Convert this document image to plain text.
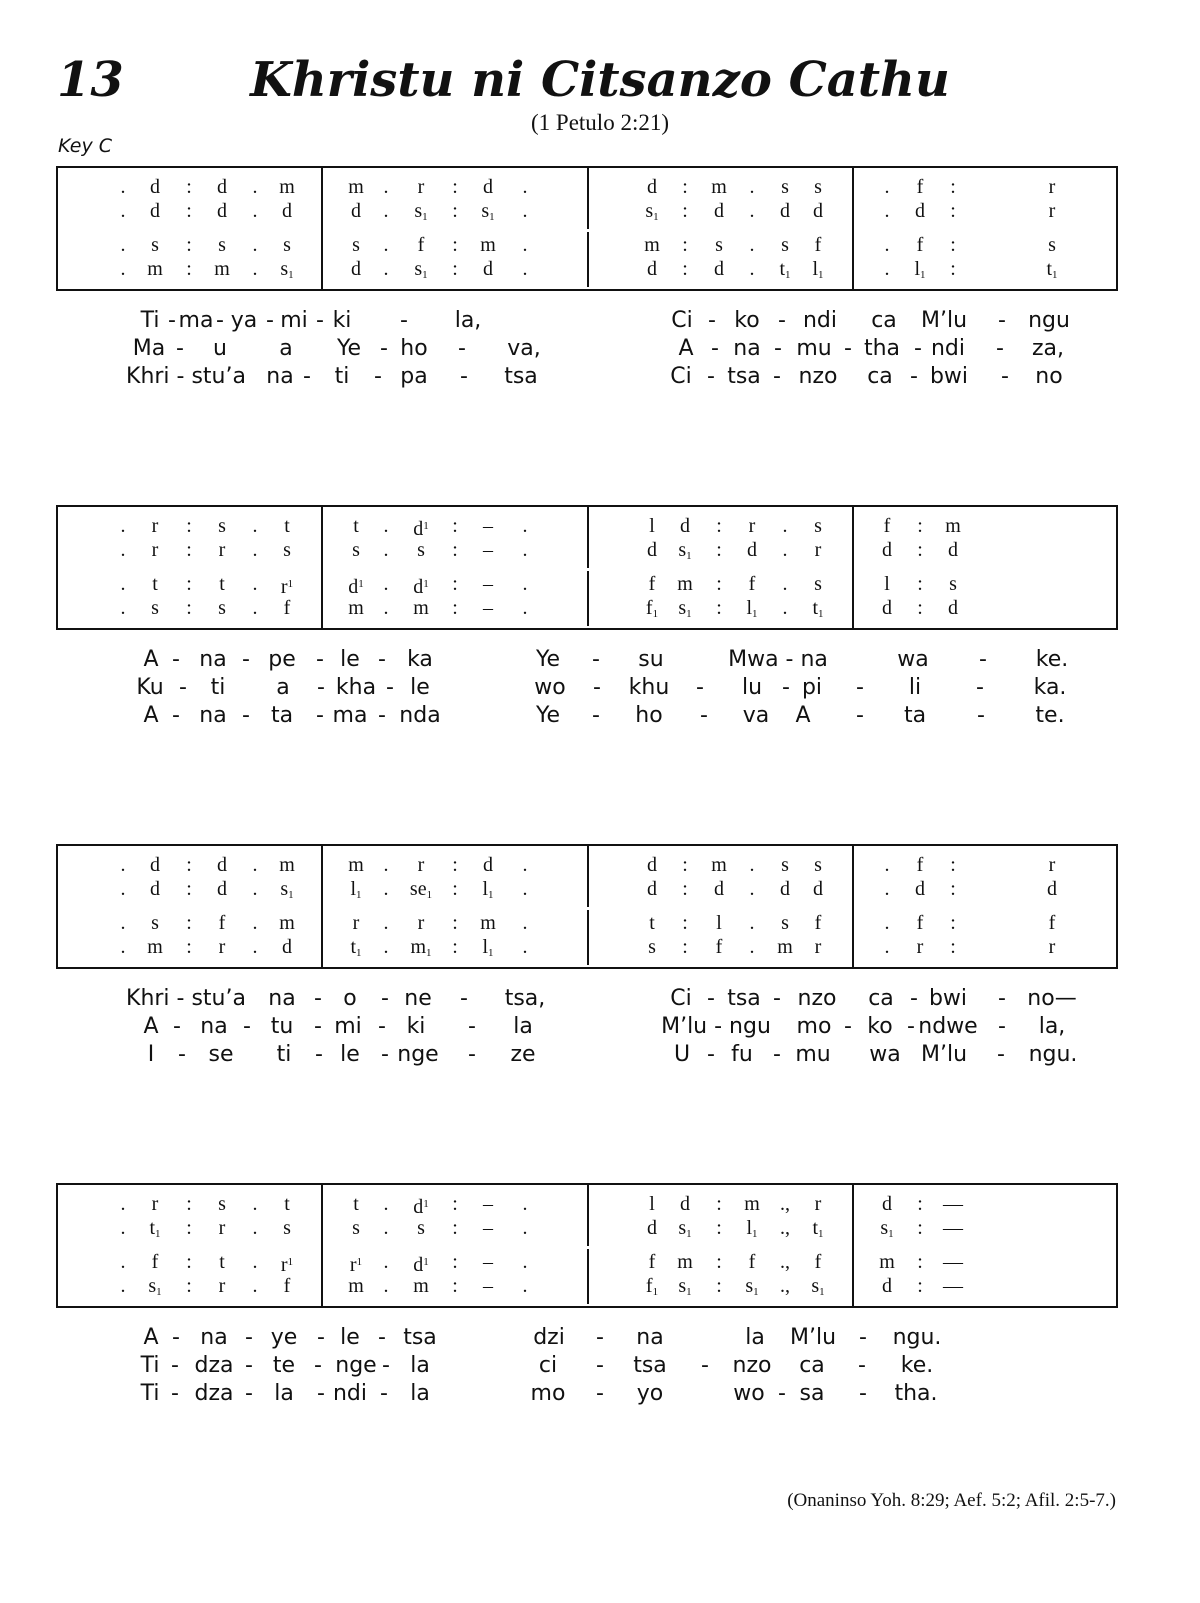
13	Khristu ni Citsanzo Cathu
(1 Petulo 2:21)
Key C
. d : d . m	m . r : d .	d : m . s s	. f :	r
. d : d . d	d . $s_1$ : $s_1$ .	$s_1$ : d . d d	. d :	r
. s : s . s	s . f : m .	m : s . s f	. f :	s
. m : m . $s_1$	d . $s_1$ : d .	d : d . $t_1$ $l_1$	. $l_1$ :	$t_1$
Ti - ma - ya - mi - ki - la,	Ci - ko - ndi ca M’lu - ngu
Ma - u a Ye - ho - va,	A - na - mu - tha - ndi - za,
Khri - stu’a na - ti - pa - tsa	Ci - tsa - nzo ca - bwi - no
. r : s . t	t . $d^1$ : – .	l d : r . s	f : m
. r : r . s	s . s : – .	d $s_1$ : d . r	d : d
. t : t . $r^1$	$d^1$ . $d^1$ : – .	f m : f . s	l : s
. s : s . f	m . m : – .	$f_1$ $s_1$ : $l_1$ . $t_1$	d : d
A - na - pe - le - ka	Ye - su	Mwa - na	wa - ke.
Ku - ti a - kha - le	wo - khu - lu - pi - li - ka.
A - na - ta - ma - nda	Ye - ho - va A - ta - te.
. d : d . m	m . r : d .	d : m . s s	. f :	r
. d : d . $s_1$	$l_1$ . $se_1$ : $l_1$ .	d : d . d d	. d :	d
. s : f . m	r . r : m .	t : l . s f	. f :	f
. m : r . d	$t_1$ . $m_1$ : $l_1$ .	s : f . m r	. r :	r
Khri - stu’a na - o - ne - tsa,	Ci - tsa - nzo ca - bwi - no—
A - na - tu - mi - ki - la	M’lu - ngu mo - ko - ndwe - la,
I - se ti - le - nge - ze	U - fu - mu wa M’lu - ngu.
. r : s . t	t . $d^1$ : – .	l d : m ., r	d : —
. $t_1$ : r . s	s . s : – .	d $s_1$ : $l_1$ ., $t_1$	$s_1$ : —
. f : t . $r^1$	$r^1$ . $d^1$ : – .	f m : f ., f	m : —
. $s_1$ : r . f	m . m : – .	$f_1$ $s_1$ : $s_1$ ., $s_1$	d : —
A - na - ye - le - tsa	dzi - na	la M’lu - ngu.
Ti - dza - te - nge - la	ci - tsa - nzo ca - ke.
Ti - dza - la - ndi - la	mo - yo	wo - sa - tha.
(Onaninso Yoh. 8:29; Aef. 5:2; Afil. 2:5-7.)
